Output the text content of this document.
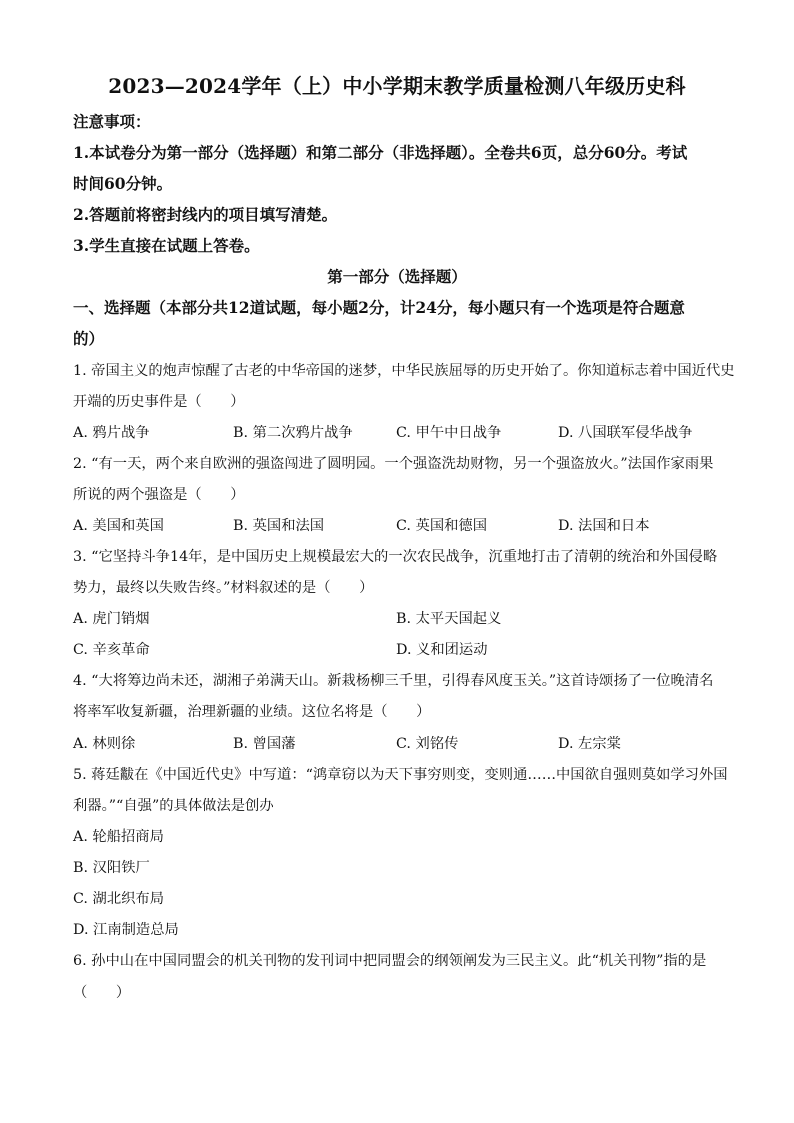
2023—2024学年（上）中小学期末教学质量检测八年级历史科
注意事项：
1.本试卷分为第一部分（选择题）和第二部分（非选择题）。全卷共6页，总分60分。考试
时间60分钟。
2.答题前将密封线内的项目填写清楚。
3.学生直接在试题上答卷。
第一部分（选择题）
一、选择题（本部分共12道试题，每小题2分，计24分，每小题只有一个选项是符合题意
的）
1. 帝国主义的炮声惊醒了古老的中华帝国的迷梦，中华民族屈辱的历史开始了。你知道标志着中国近代史
开端的历史事件是（　　）
A. 鸦片战争	B. 第二次鸦片战争	C. 甲午中日战争	D. 八国联军侵华战争
2. “有一天，两个来自欧洲的强盗闯进了圆明园。一个强盗洗劫财物，另一个强盗放火。”法国作家雨果
所说的两个强盗是（　　）
A. 美国和英国	B. 英国和法国	C. 英国和德国	D. 法国和日本
3. “它坚持斗争14年，是中国历史上规模最宏大的一次农民战争，沉重地打击了清朝的统治和外国侵略
势力，最终以失败告终。”材料叙述的是（　　）
A. 虎门销烟	B. 太平天国起义
C. 辛亥革命	D. 义和团运动
4. “大将筹边尚未还，湖湘子弟满天山。新栽杨柳三千里，引得春风度玉关。”这首诗颂扬了一位晚清名
将率军收复新疆，治理新疆的业绩。这位名将是（　　）
A. 林则徐	B. 曾国藩	C. 刘铭传	D. 左宗棠
5. 蒋廷黻在《中国近代史》中写道：“鸿章窃以为天下事穷则变，变则通……中国欲自强则莫如学习外国
利器。”“自强”的具体做法是创办
A. 轮船招商局
B. 汉阳铁厂
C. 湖北织布局
D. 江南制造总局
6. 孙中山在中国同盟会的机关刊物的发刊词中把同盟会的纲领阐发为三民主义。此“机关刊物”指的是
（　　）
